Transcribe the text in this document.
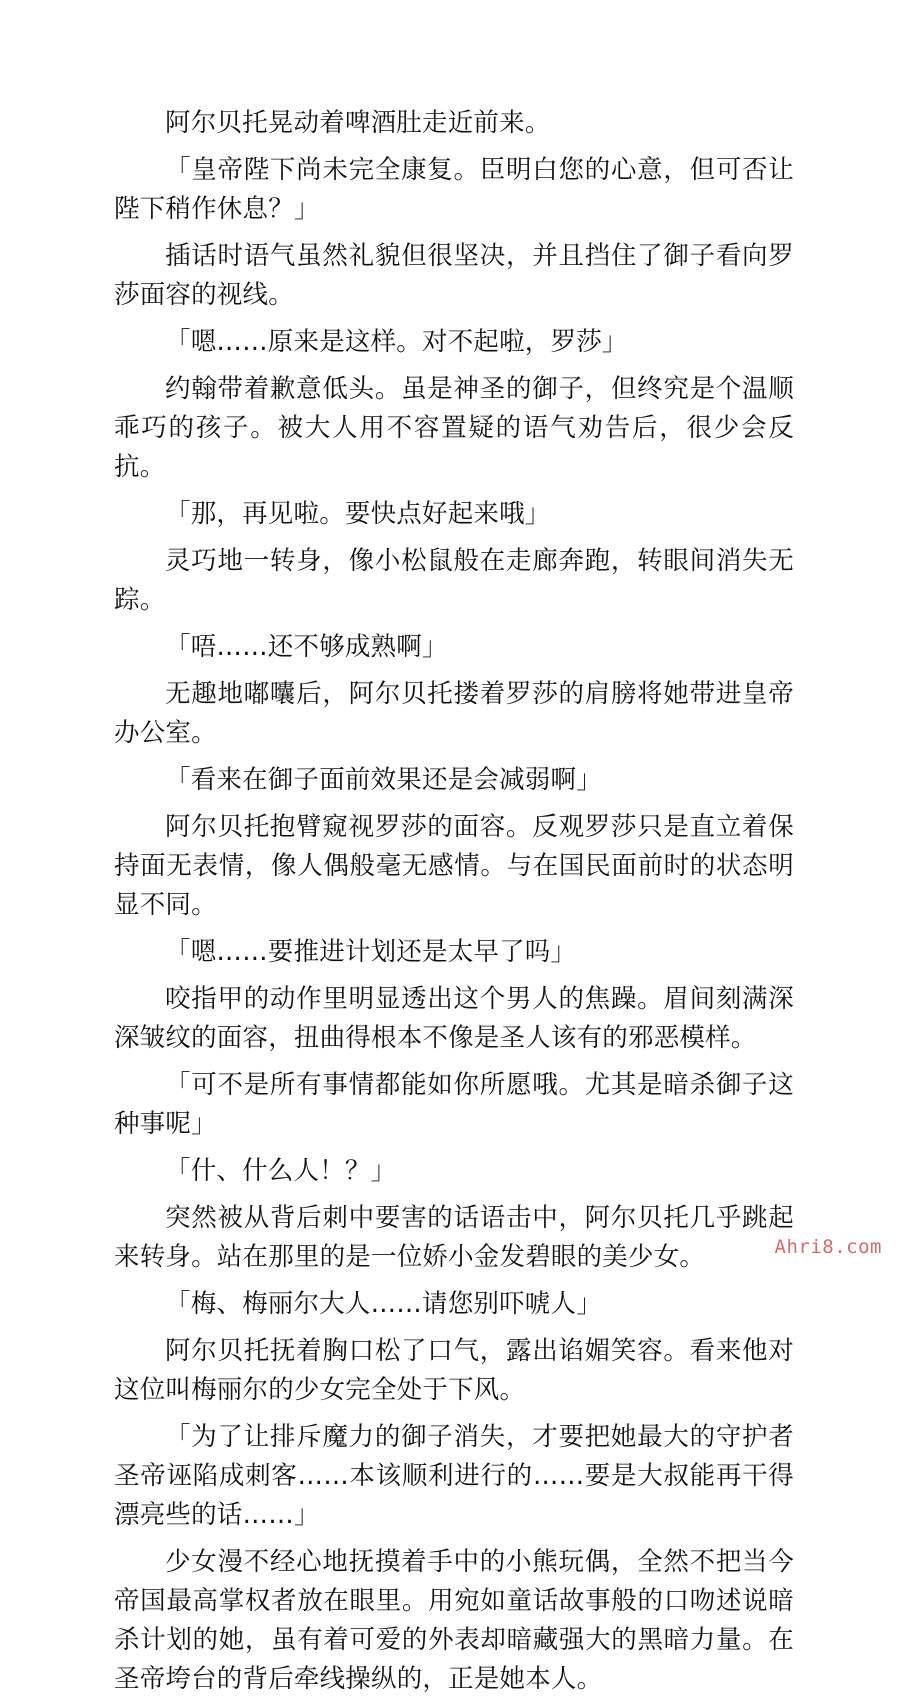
阿尔贝托晃动着啤酒肚走近前来。

「皇帝陛下尚未完全康复。臣明白您的心意，但可否让陛下稍作休息？」

插话时语气虽然礼貌但很坚决，并且挡住了御子看向罗莎面容的视线。

「嗯……原来是这样。对不起啦，罗莎」

约翰带着歉意低头。虽是神圣的御子，但终究是个温顺乖巧的孩子。被大人用不容置疑的语气劝告后，很少会反抗。

「那，再见啦。要快点好起来哦」

灵巧地一转身，像小松鼠般在走廊奔跑，转眼间消失无踪。

「唔……还不够成熟啊」

无趣地嘟囔后，阿尔贝托搂着罗莎的肩膀将她带进皇帝办公室。

「看来在御子面前效果还是会减弱啊」

阿尔贝托抱臂窥视罗莎的面容。反观罗莎只是直立着保持面无表情，像人偶般毫无感情。与在国民面前时的状态明显不同。

「嗯……要推进计划还是太早了吗」

咬指甲的动作里明显透出这个男人的焦躁。眉间刻满深深皱纹的面容，扭曲得根本不像是圣人该有的邪恶模样。

「可不是所有事情都能如你所愿哦。尤其是暗杀御子这种事呢」

「什、什么人！？」

突然被从背后刺中要害的话语击中，阿尔贝托几乎跳起来转身。站在那里的是一位娇小金发碧眼的美少女。

「梅、梅丽尔大人……请您别吓唬人」

阿尔贝托抚着胸口松了口气，露出谄媚笑容。看来他对这位叫梅丽尔的少女完全处于下风。

「为了让排斥魔力的御子消失，才要把她最大的守护者圣帝诬陷成刺客……本该顺利进行的……要是大叔能再干得漂亮些的话……」

少女漫不经心地抚摸着手中的小熊玩偶，全然不把当今帝国最高掌权者放在眼里。用宛如童话故事般的口吻述说暗杀计划的她，虽有着可爱的外表却暗藏强大的黑暗力量。在圣帝垮台的背后牵线操纵的，正是她本人。

Ahri8.com
